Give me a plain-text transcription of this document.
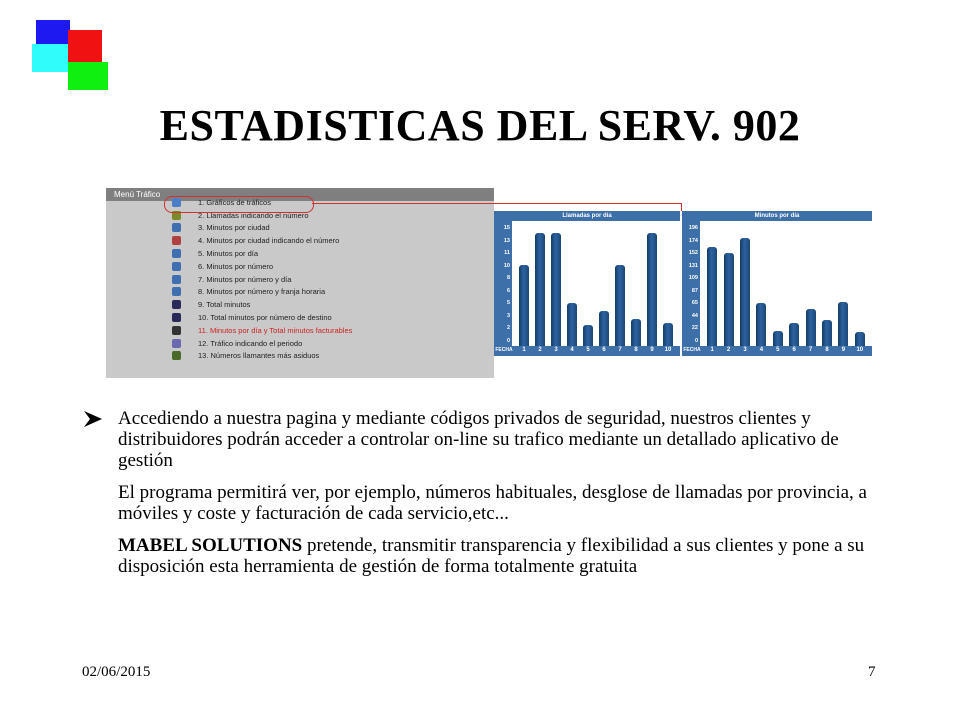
ESTADISTICAS DEL SERV. 902
Menú Tráfico
1. Gráficos de tráficos
2. Llamadas indicando el número
3. Minutos por ciudad
4. Minutos por ciudad indicando el número
5. Minutos por día
6. Minutos por número
7. Minutos por número y día
8. Minutos por número y franja horaria
9. Total minutos
10. Total minutos por número de destino
11. Minutos por día y Total minutos facturables
12. Tráfico indicando el periodo
13. Números llamantes más asiduos
Llamadas por día
15
13
11
10
8
6
5
3
2
0
FECHA	1	2	3	4	5	6	7	8	9	10
Minutos por día
196
174
152
131
109
87
65
44
22
0
FECHA	1	2	3	4	5	6	7	8	9	10
Accediendo a nuestra pagina y mediante códigos privados de seguridad, nuestros clientes y distribuidores podrán acceder a controlar on-line su trafico mediante un detallado aplicativo de gestión
El programa permitirá ver, por ejemplo, números habituales, desglose de llamadas por provincia, a móviles y coste y facturación de cada servicio,etc...
MABEL SOLUTIONS pretende, transmitir transparencia y flexibilidad a sus clientes y pone a su disposición esta herramienta de gestión de forma totalmente gratuita
02/06/2015	7
